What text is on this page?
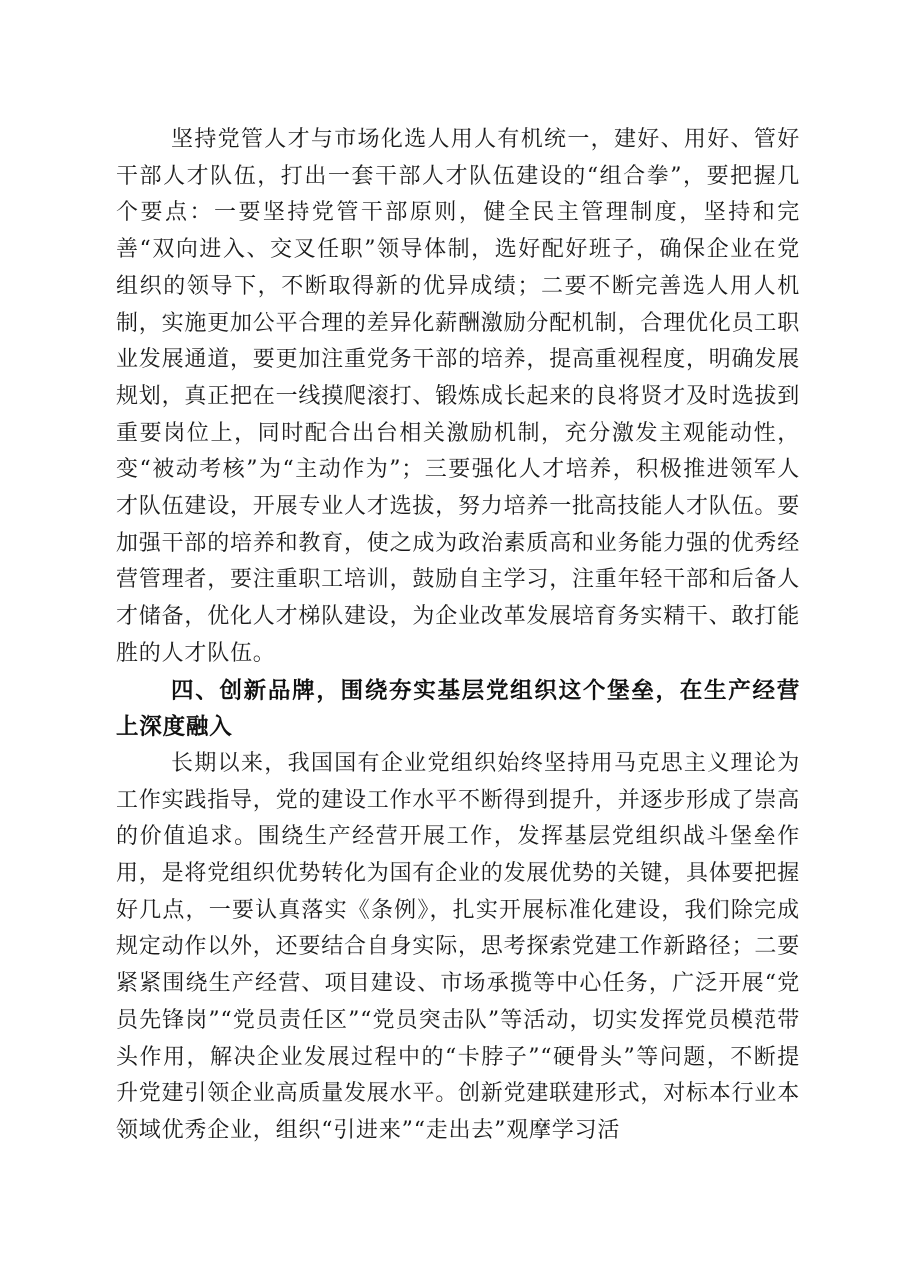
坚持党管人才与市场化选人用人有机统一，建好、用好、管好干部人才队伍，打出一套干部人才队伍建设的“组合拳”，要把握几个要点：一要坚持党管干部原则，健全民主管理制度，坚持和完善“双向进入、交叉任职”领导体制，选好配好班子，确保企业在党组织的领导下，不断取得新的优异成绩；二要不断完善选人用人机制，实施更加公平合理的差异化薪酬激励分配机制，合理优化员工职业发展通道，要更加注重党务干部的培养，提高重视程度，明确发展规划，真正把在一线摸爬滚打、锻炼成长起来的良将贤才及时选拔到重要岗位上，同时配合出台相关激励机制，充分激发主观能动性，变“被动考核”为“主动作为”；三要强化人才培养，积极推进领军人才队伍建设，开展专业人才选拔，努力培养一批高技能人才队伍。要加强干部的培养和教育，使之成为政治素质高和业务能力强的优秀经营管理者，要注重职工培训，鼓励自主学习，注重年轻干部和后备人才储备，优化人才梯队建设，为企业改革发展培育务实精干、敢打能胜的人才队伍。

四、创新品牌，围绕夯实基层党组织这个堡垒，在生产经营上深度融入

长期以来，我国国有企业党组织始终坚持用马克思主义理论为工作实践指导，党的建设工作水平不断得到提升，并逐步形成了崇高的价值追求。围绕生产经营开展工作，发挥基层党组织战斗堡垒作用，是将党组织优势转化为国有企业的发展优势的关键，具体要把握好几点，一要认真落实《条例》，扎实开展标准化建设，我们除完成规定动作以外，还要结合自身实际，思考探索党建工作新路径；二要紧紧围绕生产经营、项目建设、市场承揽等中心任务，广泛开展“党员先锋岗”“党员责任区”“党员突击队”等活动，切实发挥党员模范带头作用，解决企业发展过程中的“卡脖子”“硬骨头”等问题，不断提升党建引领企业高质量发展水平。创新党建联建形式，对标本行业本领域优秀企业，组织“引进来”“走出去”观摩学习活
